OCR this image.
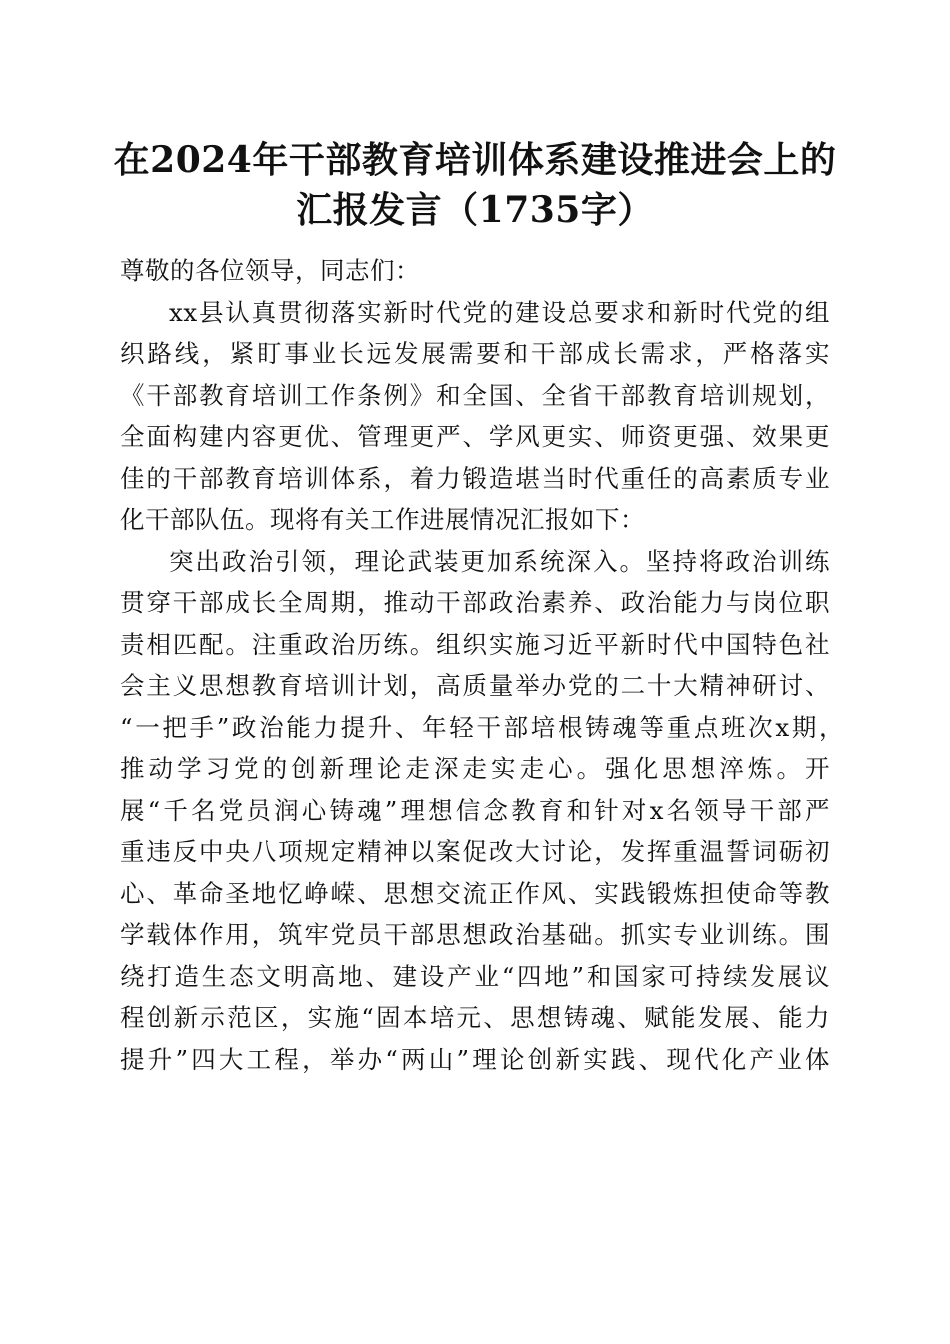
在2024年干部教育培训体系建设推进会上的
汇报发言（1735字）
尊敬的各位领导，同志们：
xx县认真贯彻落实新时代党的建设总要求和新时代党的组
织路线，紧盯事业长远发展需要和干部成长需求，严格落实
《干部教育培训工作条例》和全国、全省干部教育培训规划，
全面构建内容更优、管理更严、学风更实、师资更强、效果更
佳的干部教育培训体系，着力锻造堪当时代重任的高素质专业
化干部队伍。现将有关工作进展情况汇报如下：
突出政治引领，理论武装更加系统深入。坚持将政治训练
贯穿干部成长全周期，推动干部政治素养、政治能力与岗位职
责相匹配。注重政治历练。组织实施习近平新时代中国特色社
会主义思想教育培训计划，高质量举办党的二十大精神研讨、
“一把手”政治能力提升、年轻干部培根铸魂等重点班次x期，
推动学习党的创新理论走深走实走心。强化思想淬炼。开
展“千名党员润心铸魂”理想信念教育和针对x名领导干部严
重违反中央八项规定精神以案促改大讨论，发挥重温誓词砺初
心、革命圣地忆峥嵘、思想交流正作风、实践锻炼担使命等教
学载体作用，筑牢党员干部思想政治基础。抓实专业训练。围
绕打造生态文明高地、建设产业“四地”和国家可持续发展议
程创新示范区，实施“固本培元、思想铸魂、赋能发展、能力
提升”四大工程，举办“两山”理论创新实践、现代化产业体
